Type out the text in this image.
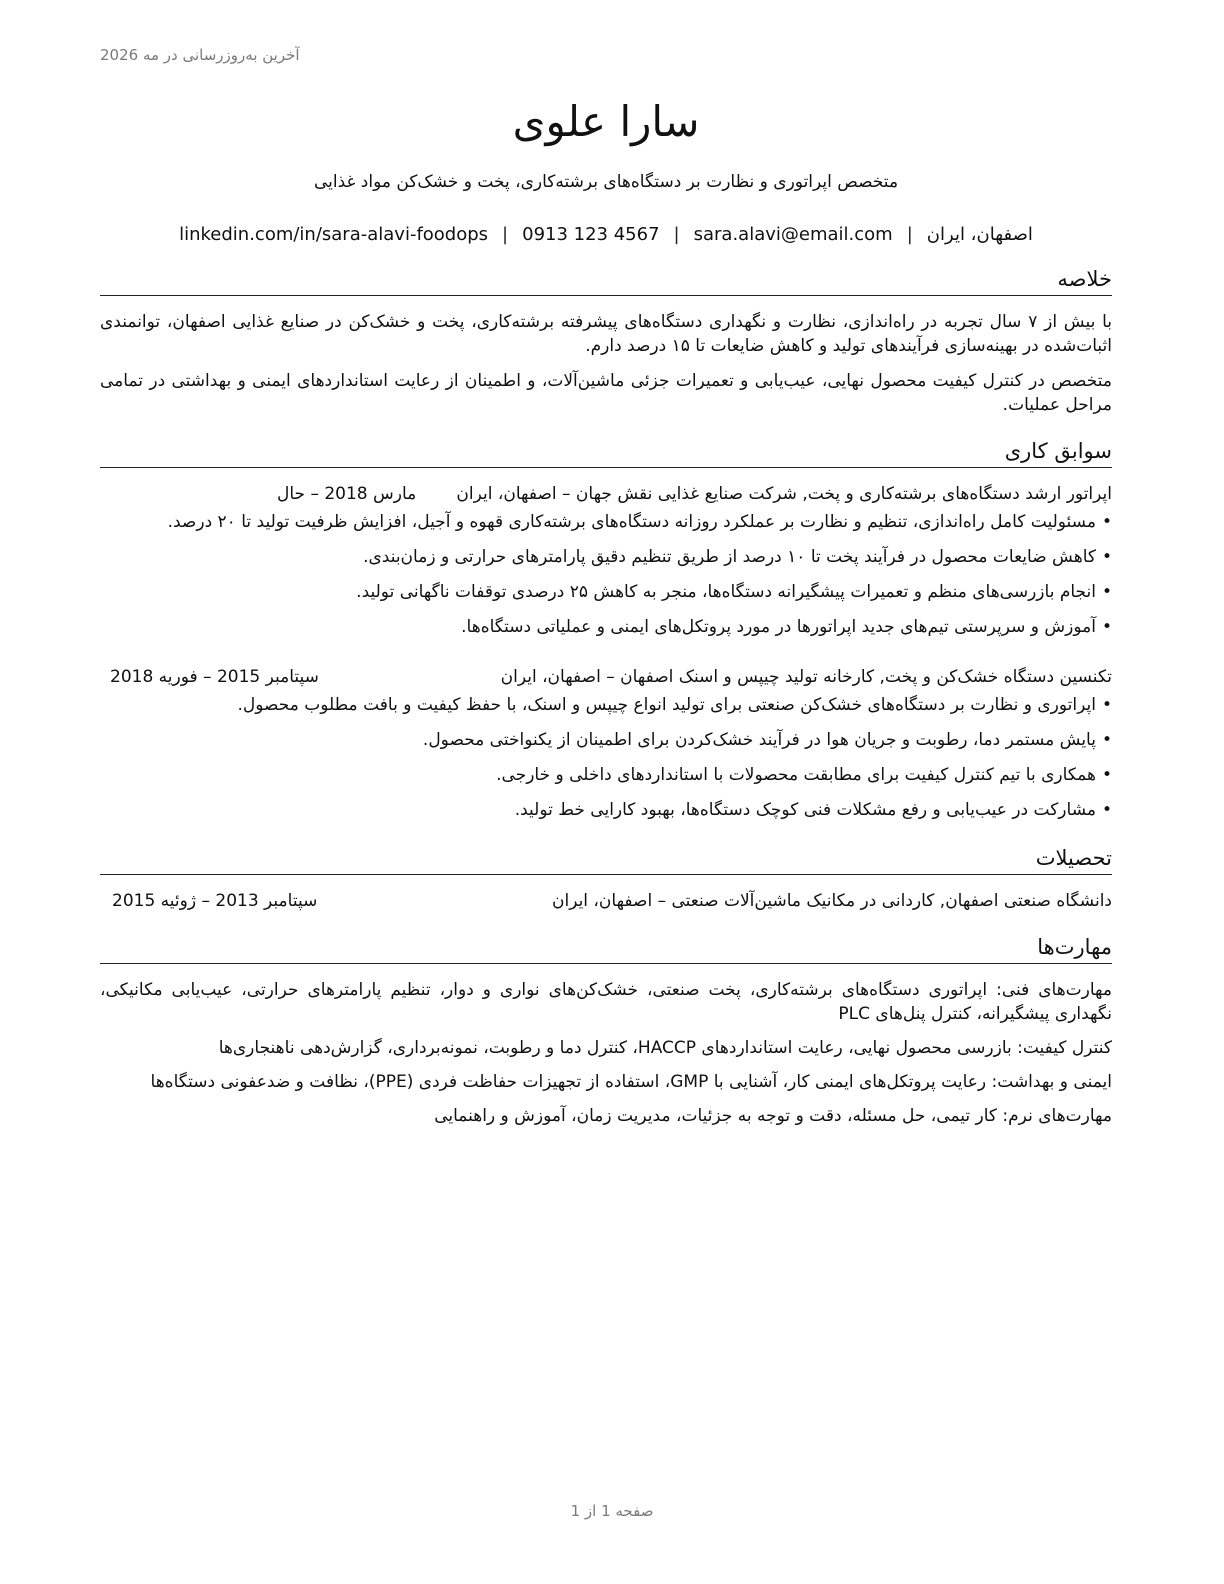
آخرین به‌روزرسانی در مه 2026
سارا علوی
متخصص اپراتوری و نظارت بر دستگاه‌های برشته‌کاری، پخت و خشک‌کن مواد غذایی
اصفهان، ایران|sara.alavi@email.com|0913 123 4567|linkedin.com/in/sara-alavi-foodops
خلاصه

با بیش از ۷ سال تجربه در راه‌اندازی، نظارت و نگهداری دستگاه‌های پیشرفته برشته‌کاری، پخت و خشک‌کن در صنایع غذایی اصفهان، توانمندی اثبات‌شده در بهینه‌سازی فرآیندهای تولید و کاهش ضایعات تا ۱۵ درصد دارم.

متخصص در کنترل کیفیت محصول نهایی، عیب‌یابی و تعمیرات جزئی ماشین‌آلات، و اطمینان از رعایت استانداردهای ایمنی و بهداشتی در تمامی مراحل عملیات.

سوابق کاری
اپراتور ارشد دستگاه‌های برشته‌کاری و پخت, شرکت صنایع غذایی نقش جهان – اصفهان، ایران
مارس 2018 – حال
•مسئولیت کامل راه‌اندازی، تنظیم و نظارت بر عملکرد روزانه دستگاه‌های برشته‌کاری قهوه و آجیل، افزایش ظرفیت تولید تا ۲۰ درصد.
•کاهش ضایعات محصول در فرآیند پخت تا ۱۰ درصد از طریق تنظیم دقیق پارامترهای حرارتی و زمان‌بندی.
•انجام بازرسی‌های منظم و تعمیرات پیشگیرانه دستگاه‌ها، منجر به کاهش ۲۵ درصدی توقفات ناگهانی تولید.
•آموزش و سرپرستی تیم‌های جدید اپراتورها در مورد پروتکل‌های ایمنی و عملیاتی دستگاه‌ها.
تکنسین دستگاه خشک‌کن و پخت, کارخانه تولید چیپس و اسنک اصفهان – اصفهان، ایران
سپتامبر 2015 – فوریه 2018
•اپراتوری و نظارت بر دستگاه‌های خشک‌کن صنعتی برای تولید انواع چیپس و اسنک، با حفظ کیفیت و بافت مطلوب محصول.
•پایش مستمر دما، رطوبت و جریان هوا در فرآیند خشک‌کردن برای اطمینان از یکنواختی محصول.
•همکاری با تیم کنترل کیفیت برای مطابقت محصولات با استانداردهای داخلی و خارجی.
•مشارکت در عیب‌یابی و رفع مشکلات فنی کوچک دستگاه‌ها، بهبود کارایی خط تولید.
تحصیلات
دانشگاه صنعتی اصفهان, کاردانی در مکانیک ماشین‌آلات صنعتی – اصفهان، ایران
سپتامبر 2013 – ژوئیه 2015
مهارت‌ها
مهارت‌های فنی: اپراتوری دستگاه‌های برشته‌کاری، پخت صنعتی، خشک‌کن‌های نواری و دوار، تنظیم پارامترهای حرارتی، عیب‌یابی مکانیکی، نگهداری پیشگیرانه، کنترل پنل‌های PLC
کنترل کیفیت: بازرسی محصول نهایی، رعایت استانداردهای HACCP، کنترل دما و رطوبت، نمونه‌برداری، گزارش‌دهی ناهنجاری‌ها
ایمنی و بهداشت: رعایت پروتکل‌های ایمنی کار، آشنایی با GMP، استفاده از تجهیزات حفاظت فردی (PPE)، نظافت و ضدعفونی دستگاه‌ها
مهارت‌های نرم: کار تیمی، حل مسئله، دقت و توجه به جزئیات، مدیریت زمان، آموزش و راهنمایی
صفحه 1 از 1
